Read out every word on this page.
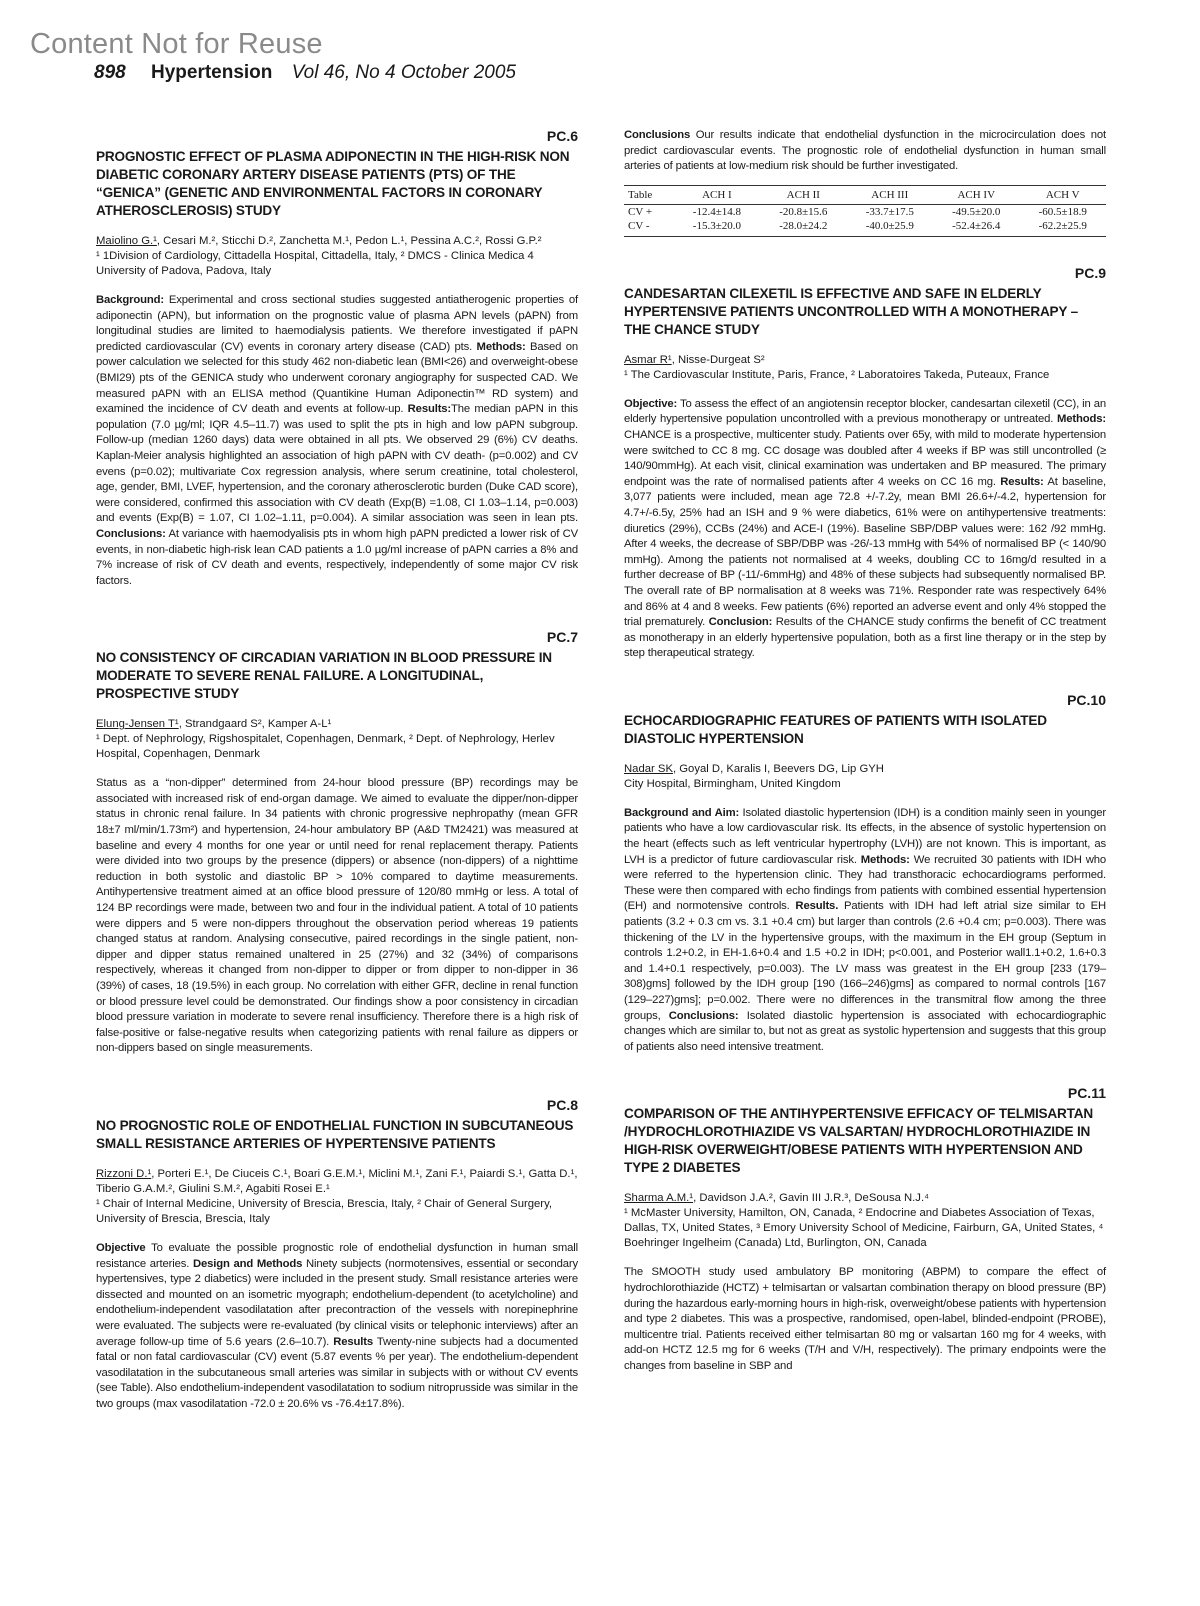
Content Not for Reuse
898 Hypertension Vol 46, No 4 October 2005
PC.6
PROGNOSTIC EFFECT OF PLASMA ADIPONECTIN IN THE HIGH-RISK NON DIABETIC CORONARY ARTERY DISEASE PATIENTS (PTS) OF THE “GENICA” (GENETIC AND ENVIRONMENTAL FACTORS IN CORONARY ATHEROSCLEROSIS) STUDY

Maiolino G.¹, Cesari M.², Sticchi D.², Zanchetta M.¹, Pedon L.¹, Pessina A.C.², Rossi G.P.²

¹ 1Division of Cardiology, Cittadella Hospital, Cittadella, Italy, ² DMCS - Clinica Medica 4 University of Padova, Padova, Italy

Background: Experimental and cross sectional studies suggested antiatherogenic properties of adiponectin (APN), but information on the prognostic value of plasma APN levels (pAPN) from longitudinal studies are limited to haemodialysis patients. We therefore investigated if pAPN predicted cardiovascular (CV) events in coronary artery disease (CAD) pts. Methods: Based on power calculation we selected for this study 462 non-diabetic lean (BMI<26) and overweight-obese (BMI29) pts of the GENICA study who underwent coronary angiography for suspected CAD. We measured pAPN with an ELISA method (Quantikine Human Adiponectin™ RD system) and examined the incidence of CV death and events at follow-up. Results:The median pAPN in this population (7.0 µg/ml; IQR 4.5–11.7) was used to split the pts in high and low pAPN subgroup. Follow-up (median 1260 days) data were obtained in all pts. We observed 29 (6%) CV deaths. Kaplan-Meier analysis highlighted an association of high pAPN with CV death- (p=0.002) and CV evens (p=0.02); multivariate Cox regression analysis, where serum creatinine, total cholesterol, age, gender, BMI, LVEF, hypertension, and the coronary atherosclerotic burden (Duke CAD score), were considered, confirmed this association with CV death (Exp(B) =1.08, CI 1.03–1.14, p=0.003) and events (Exp(B) = 1.07, CI 1.02–1.11, p=0.004). A similar association was seen in lean pts. Conclusions: At variance with haemodyalisis pts in whom high pAPN predicted a lower risk of CV events, in non-diabetic high-risk lean CAD patients a 1.0 µg/ml increase of pAPN carries a 8% and 7% increase of risk of CV death and events, respectively, independently of some major CV risk factors.

PC.7
NO CONSISTENCY OF CIRCADIAN VARIATION IN BLOOD PRESSURE IN MODERATE TO SEVERE RENAL FAILURE. A LONGITUDINAL, PROSPECTIVE STUDY

Elung-Jensen T¹, Strandgaard S², Kamper A-L¹

¹ Dept. of Nephrology, Rigshospitalet, Copenhagen, Denmark, ² Dept. of Nephrology, Herlev Hospital, Copenhagen, Denmark

Status as a “non-dipper” determined from 24-hour blood pressure (BP) recordings may be associated with increased risk of end-organ damage. We aimed to evaluate the dipper/non-dipper status in chronic renal failure. In 34 patients with chronic progressive nephropathy (mean GFR 18±7 ml/min/1.73m²) and hypertension, 24-hour ambulatory BP (A&D TM2421) was measured at baseline and every 4 months for one year or until need for renal replacement therapy. Patients were divided into two groups by the presence (dippers) or absence (non-dippers) of a nighttime reduction in both systolic and diastolic BP > 10% compared to daytime measurements. Antihypertensive treatment aimed at an office blood pressure of 120/80 mmHg or less. A total of 124 BP recordings were made, between two and four in the individual patient. A total of 10 patients were dippers and 5 were non-dippers throughout the observation period whereas 19 patients changed status at random. Analysing consecutive, paired recordings in the single patient, non-dipper and dipper status remained unaltered in 25 (27%) and 32 (34%) of comparisons respectively, whereas it changed from non-dipper to dipper or from dipper to non-dipper in 36 (39%) of cases, 18 (19.5%) in each group. No correlation with either GFR, decline in renal function or blood pressure level could be demonstrated. Our findings show a poor consistency in circadian blood pressure variation in moderate to severe renal insufficiency. Therefore there is a high risk of false-positive or false-negative results when categorizing patients with renal failure as dippers or non-dippers based on single measurements.

PC.8
NO PROGNOSTIC ROLE OF ENDOTHELIAL FUNCTION IN SUBCUTANEOUS SMALL RESISTANCE ARTERIES OF HYPERTENSIVE PATIENTS

Rizzoni D.¹, Porteri E.¹, De Ciuceis C.¹, Boari G.E.M.¹, Miclini M.¹, Zani F.¹, Paiardi S.¹, Gatta D.¹, Tiberio G.A.M.², Giulini S.M.², Agabiti Rosei E.¹

¹ Chair of Internal Medicine, University of Brescia, Brescia, Italy, ² Chair of General Surgery, University of Brescia, Brescia, Italy

Objective To evaluate the possible prognostic role of endothelial dysfunction in human small resistance arteries. Design and Methods Ninety subjects (normotensives, essential or secondary hypertensives, type 2 diabetics) were included in the present study. Small resistance arteries were dissected and mounted on an isometric myograph; endothelium-dependent (to acetylcholine) and endothelium-independent vasodilatation after precontraction of the vessels with norepinephrine were evaluated. The subjects were re-evaluated (by clinical visits or telephonic interviews) after an average follow-up time of 5.6 years (2.6–10.7). Results Twenty-nine subjects had a documented fatal or non fatal cardiovascular (CV) event (5.87 events % per year). The endothelium-dependent vasodilatation in the subcutaneous small arteries was similar in subjects with or without CV events (see Table). Also endothelium-independent vasodilatation to sodium nitroprusside was similar in the two groups (max vasodilatation -72.0 ± 20.6% vs -76.4±17.8%).

Conclusions Our results indicate that endothelial dysfunction in the microcirculation does not predict cardiovascular events. The prognostic role of endothelial dysfunction in human small arteries of patients at low-medium risk should be further investigated.

Table	ACH I	ACH II	ACH III	ACH IV	ACH V
CV +	-12.4±14.8	-20.8±15.6	-33.7±17.5	-49.5±20.0	-60.5±18.9
CV -	-15.3±20.0	-28.0±24.2	-40.0±25.9	-52.4±26.4	-62.2±25.9
PC.9
CANDESARTAN CILEXETIL IS EFFECTIVE AND SAFE IN ELDERLY HYPERTENSIVE PATIENTS UNCONTROLLED WITH A MONOTHERAPY – THE CHANCE STUDY

Asmar R¹, Nisse-Durgeat S²

¹ The Cardiovascular Institute, Paris, France, ² Laboratoires Takeda, Puteaux, France

Objective: To assess the effect of an angiotensin receptor blocker, candesartan cilexetil (CC), in an elderly hypertensive population uncontrolled with a previous monotherapy or untreated. Methods: CHANCE is a prospective, multicenter study. Patients over 65y, with mild to moderate hypertension were switched to CC 8 mg. CC dosage was doubled after 4 weeks if BP was still uncontrolled (≥ 140/90mmHg). At each visit, clinical examination was undertaken and BP measured. The primary endpoint was the rate of normalised patients after 4 weeks on CC 16 mg. Results: At baseline, 3,077 patients were included, mean age 72.8 +/-7.2y, mean BMI 26.6+/-4.2, hypertension for 4.7+/-6.5y, 25% had an ISH and 9 % were diabetics, 61% were on antihypertensive treatments: diuretics (29%), CCBs (24%) and ACE-I (19%). Baseline SBP/DBP values were: 162 /92 mmHg. After 4 weeks, the decrease of SBP/DBP was -26/-13 mmHg with 54% of normalised BP (< 140/90 mmHg). Among the patients not normalised at 4 weeks, doubling CC to 16mg/d resulted in a further decrease of BP (-11/-6mmHg) and 48% of these subjects had subsequently normalised BP. The overall rate of BP normalisation at 8 weeks was 71%. Responder rate was respectively 64% and 86% at 4 and 8 weeks. Few patients (6%) reported an adverse event and only 4% stopped the trial prematurely. Conclusion: Results of the CHANCE study confirms the benefit of CC treatment as monotherapy in an elderly hypertensive population, both as a first line therapy or in the step by step therapeutical strategy.

PC.10
ECHOCARDIOGRAPHIC FEATURES OF PATIENTS WITH ISOLATED DIASTOLIC HYPERTENSION

Nadar SK, Goyal D, Karalis I, Beevers DG, Lip GYH

City Hospital, Birmingham, United Kingdom

Background and Aim: Isolated diastolic hypertension (IDH) is a condition mainly seen in younger patients who have a low cardiovascular risk. Its effects, in the absence of systolic hypertension on the heart (effects such as left ventricular hypertrophy (LVH)) are not known. This is important, as LVH is a predictor of future cardiovascular risk. Methods: We recruited 30 patients with IDH who were referred to the hypertension clinic. They had transthoracic echocardiograms performed. These were then compared with echo findings from patients with combined essential hypertension (EH) and normotensive controls. Results. Patients with IDH had left atrial size similar to EH patients (3.2 + 0.3 cm vs. 3.1 +0.4 cm) but larger than controls (2.6 +0.4 cm; p=0.003). There was thickening of the LV in the hypertensive groups, with the maximum in the EH group (Septum in controls 1.2+0.2, in EH-1.6+0.4 and 1.5 +0.2 in IDH; p<0.001, and Posterior wall1.1+0.2, 1.6+0.3 and 1.4+0.1 respectively, p=0.003). The LV mass was greatest in the EH group [233 (179–308)gms] followed by the IDH group [190 (166–246)gms] as compared to normal controls [167 (129–227)gms]; p=0.002. There were no differences in the transmitral flow among the three groups, Conclusions: Isolated diastolic hypertension is associated with echocardiographic changes which are similar to, but not as great as systolic hypertension and suggests that this group of patients also need intensive treatment.

PC.11
COMPARISON OF THE ANTIHYPERTENSIVE EFFICACY OF TELMISARTAN /HYDROCHLOROTHIAZIDE VS VALSARTAN/ HYDROCHLOROTHIAZIDE IN HIGH-RISK OVERWEIGHT/OBESE PATIENTS WITH HYPERTENSION AND TYPE 2 DIABETES

Sharma A.M.¹, Davidson J.A.², Gavin III J.R.³, DeSousa N.J.⁴

¹ McMaster University, Hamilton, ON, Canada, ² Endocrine and Diabetes Association of Texas, Dallas, TX, United States, ³ Emory University School of Medicine, Fairburn, GA, United States, ⁴ Boehringer Ingelheim (Canada) Ltd, Burlington, ON, Canada

The SMOOTH study used ambulatory BP monitoring (ABPM) to compare the effect of hydrochlorothiazide (HCTZ) + telmisartan or valsartan combination therapy on blood pressure (BP) during the hazardous early-morning hours in high-risk, overweight/obese patients with hypertension and type 2 diabetes. This was a prospective, randomised, open-label, blinded-endpoint (PROBE), multicentre trial. Patients received either telmisartan 80 mg or valsartan 160 mg for 4 weeks, with add-on HCTZ 12.5 mg for 6 weeks (T/H and V/H, respectively). The primary endpoints were the changes from baseline in SBP and
